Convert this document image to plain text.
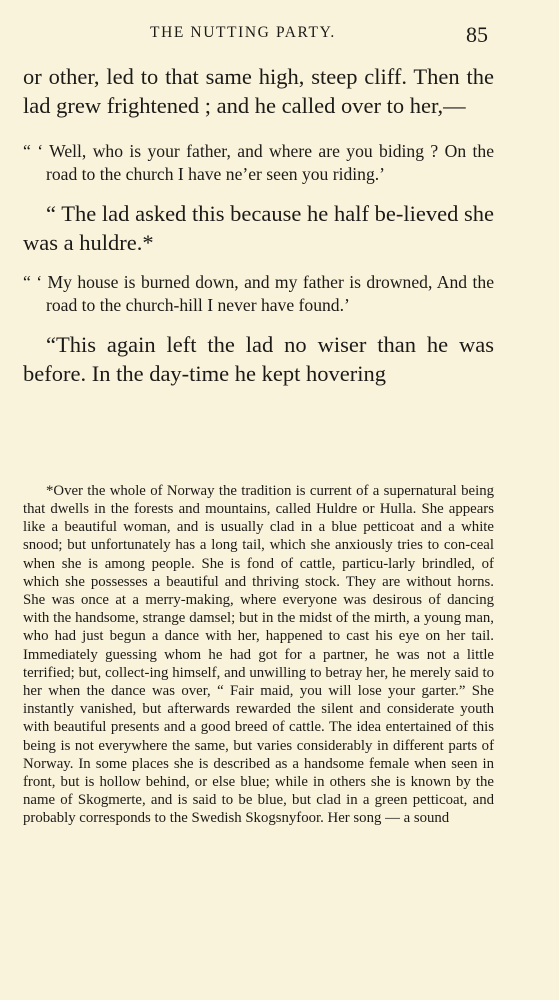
THE NUTTING PARTY.	85

or other, led to that same high, steep cliff. Then the lad grew frightened ; and he called over to her,—

“ ‘ Well, who is your father, and where are you biding ? On the road to the church I have ne’er seen you riding.’

“ The lad asked this because he half be-lieved she was a huldre.*

“ ‘ My house is burned down, and my father is drowned, And the road to the church-hill I never have found.’

“This again left the lad no wiser than he was before. In the day-time he kept hovering

*Over the whole of Norway the tradition is current of a supernatural being that dwells in the forests and mountains, called Huldre or Hulla. She appears like a beautiful woman, and is usually clad in a blue petticoat and a white snood; but unfortunately has a long tail, which she anxiously tries to con-ceal when she is among people. She is fond of cattle, particu-larly brindled, of which she possesses a beautiful and thriving stock. They are without horns. She was once at a merry-making, where everyone was desirous of dancing with the handsome, strange damsel; but in the midst of the mirth, a young man, who had just begun a dance with her, happened to cast his eye on her tail. Immediately guessing whom he had got for a partner, he was not a little terrified; but, collect-ing himself, and unwilling to betray her, he merely said to her when the dance was over, “ Fair maid, you will lose your garter.” She instantly vanished, but afterwards rewarded the silent and considerate youth with beautiful presents and a good breed of cattle. The idea entertained of this being is not everywhere the same, but varies considerably in different parts of Norway. In some places she is described as a handsome female when seen in front, but is hollow behind, or else blue; while in others she is known by the name of Skogmerte, and is said to be blue, but clad in a green petticoat, and probably corresponds to the Swedish Skogsnyfoor. Her song — a sound
